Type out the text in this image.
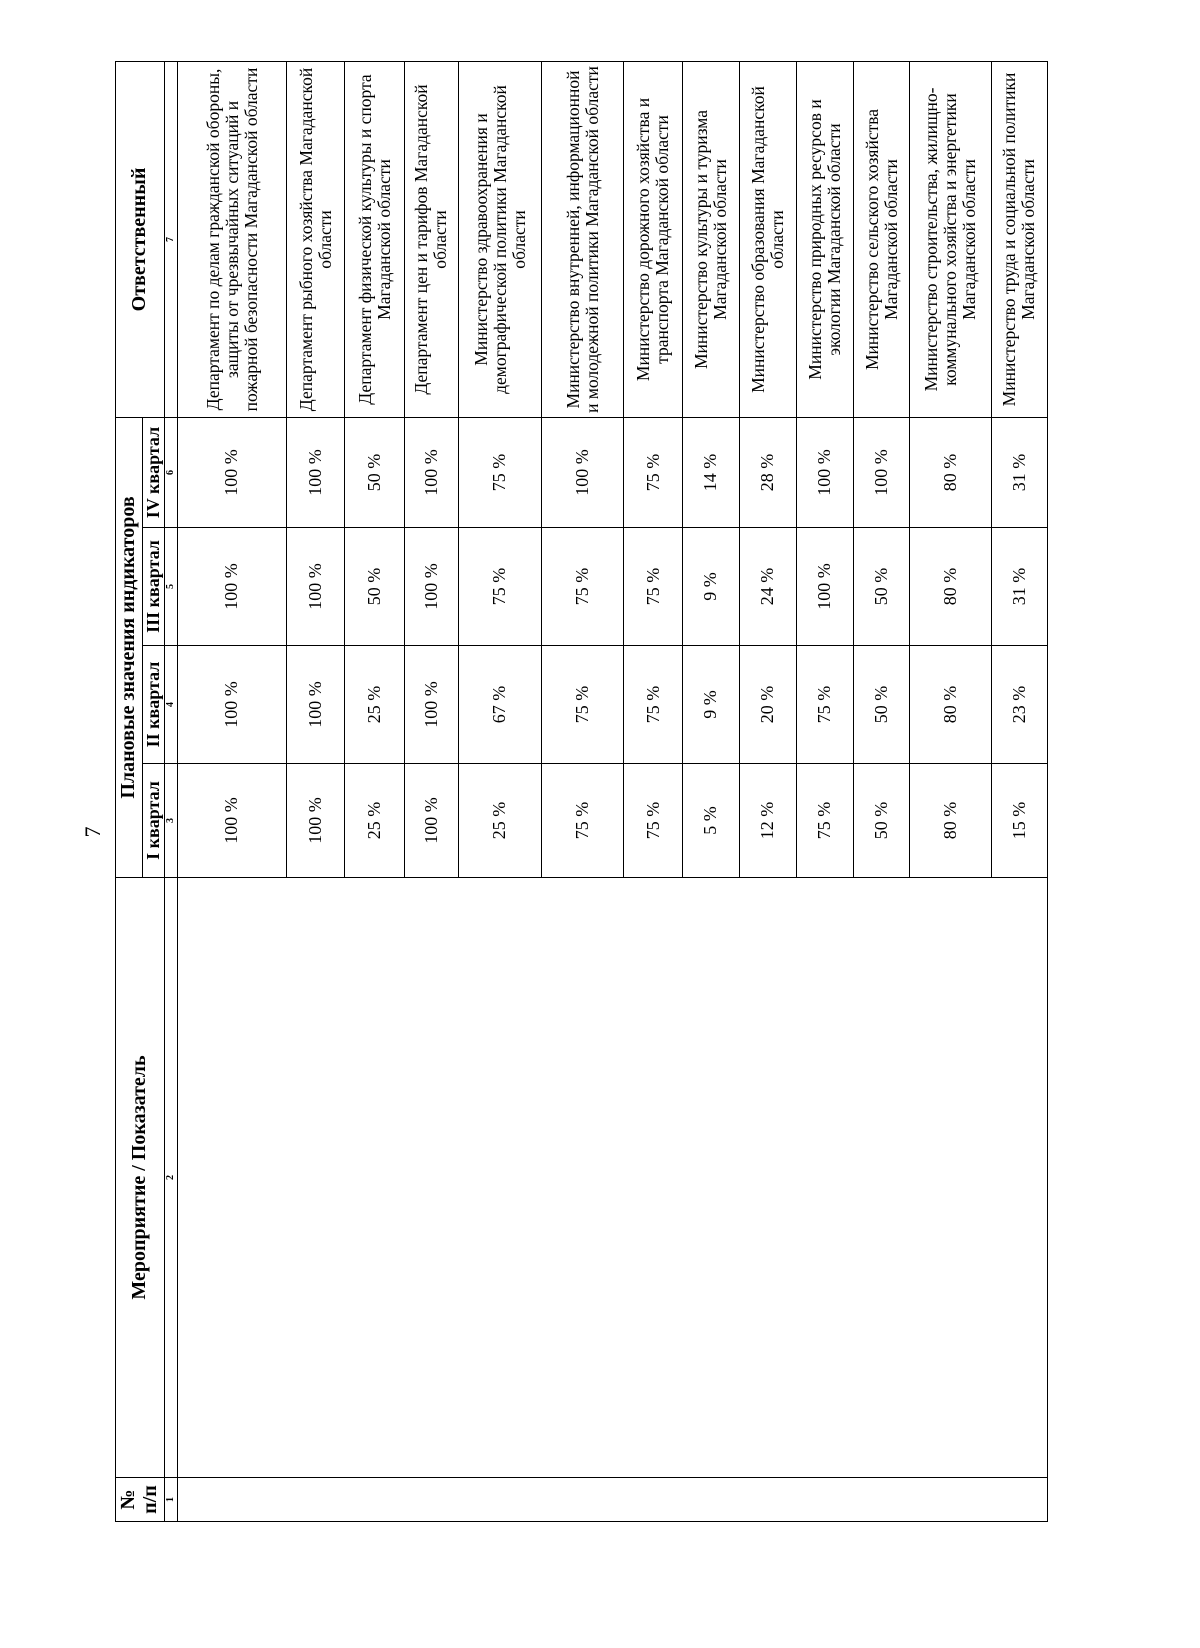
7
№ п/п	Мероприятие / Показатель	Плановые значения индикаторов				Ответственный
		I квартал	II квартал	III квартал	IV квартал	
1	2	3	4	5	6	7
		100 %	100 %	100 %	100 %	Департамент по делам гражданской обороны, защиты от чрезвычайных ситуаций и пожарной безопасности Магаданской области
		100 %	100 %	100 %	100 %	Департамент рыбного хозяйства Магаданской области
		25 %	25 %	50 %	50 %	Департамент физической культуры и спорта Магаданской области
		100 %	100 %	100 %	100 %	Департамент цен и тарифов Магаданской области
		25 %	67 %	75 %	75 %	Министерство здравоохранения и демографической политики Магаданской области
		75 %	75 %	75 %	100 %	Министерство внутренней, информационной и молодежной политики Магаданской области
		75 %	75 %	75 %	75 %	Министерство дорожного хозяйства и транспорта Магаданской области
		5 %	9 %	9 %	14 %	Министерство культуры и туризма Магаданской области
		12 %	20 %	24 %	28 %	Министерство образования Магаданской области
		75 %	75 %	100 %	100 %	Министерство природных ресурсов и экологии Магаданской области
		50 %	50 %	50 %	100 %	Министерство сельского хозяйства Магаданской области
		80 %	80 %	80 %	80 %	Министерство строительства, жилищно-коммунального хозяйства и энергетики Магаданской области
		15 %	23 %	31 %	31 %	Министерство труда и социальной политики Магаданской области
